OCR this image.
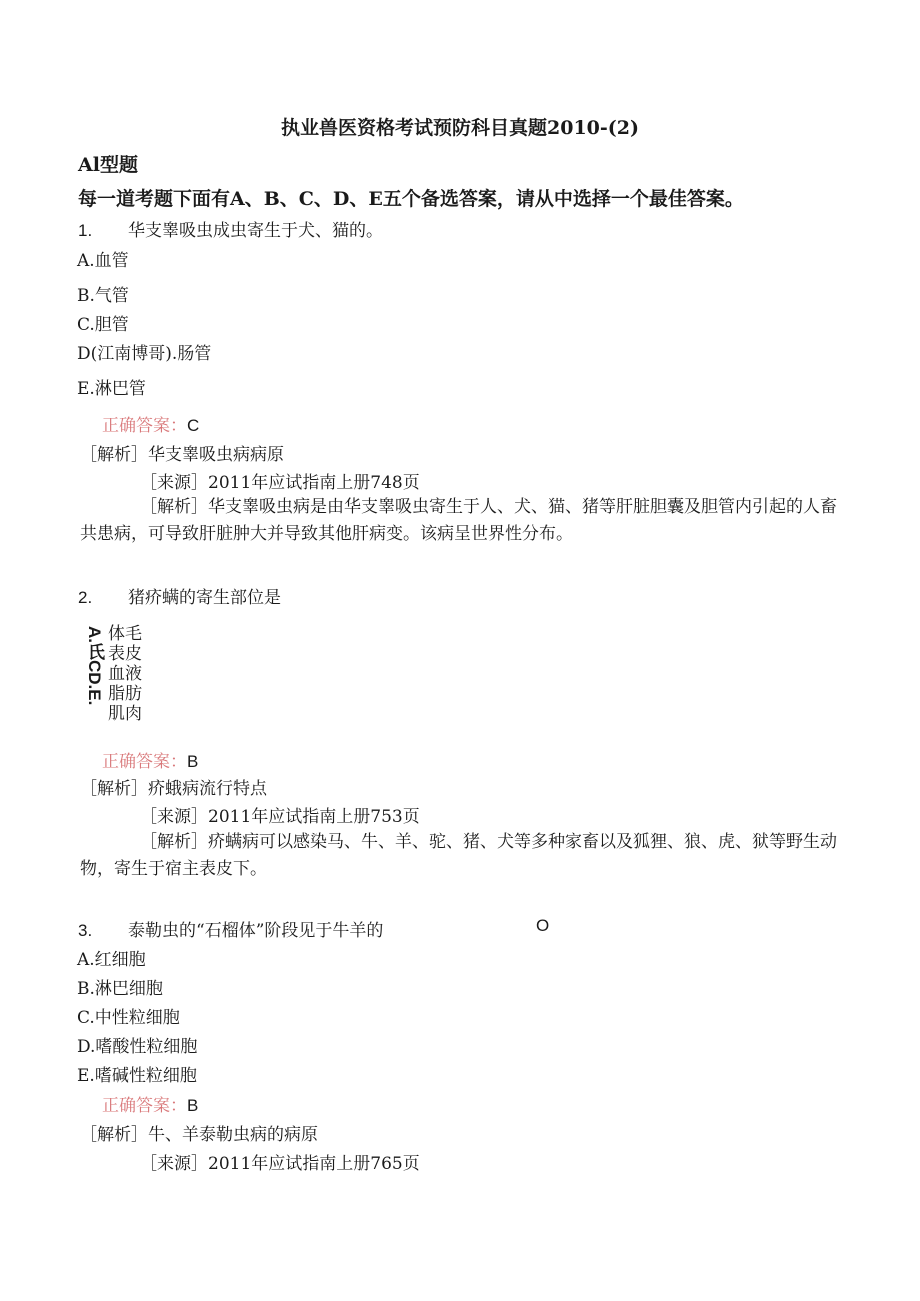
执业兽医资格考试预防科目真题2010-(2)
Al型题
每一道考题下面有A、B、C、D、E五个备选答案，请从中选择一个最佳答案。
1. 华支睾吸虫成虫寄生于犬、猫的。
A.血管
B.气管
C.胆管
D(江南博哥).肠管
E.淋巴管
正确答案：C
［解析］华支睾吸虫病病原
［来源］2011年应试指南上册748页
［解析］华支睾吸虫病是由华支睾吸虫寄生于人、犬、猫、猪等肝脏胆囊及胆管内引起的人畜共患病，可导致肝脏肿大并导致其他肝病变。该病呈世界性分布。
2. 猪疥螨的寄生部位是
A.氏CD.E. 体毛
表皮
血液
脂肪
肌肉
正确答案：B
［解析］疥蛾病流行特点
［来源］2011年应试指南上册753页
［解析］疥螨病可以感染马、牛、羊、驼、猪、犬等多种家畜以及狐狸、狼、虎、狱等野生动物，寄生于宿主表皮下。
3. 泰勒虫的“石榴体”阶段见于牛羊的	O
A.红细胞
B.淋巴细胞
C.中性粒细胞
D.嗜酸性粒细胞
E.嗜碱性粒细胞
正确答案：B
［解析］牛、羊泰勒虫病的病原
［来源］2011年应试指南上册765页
